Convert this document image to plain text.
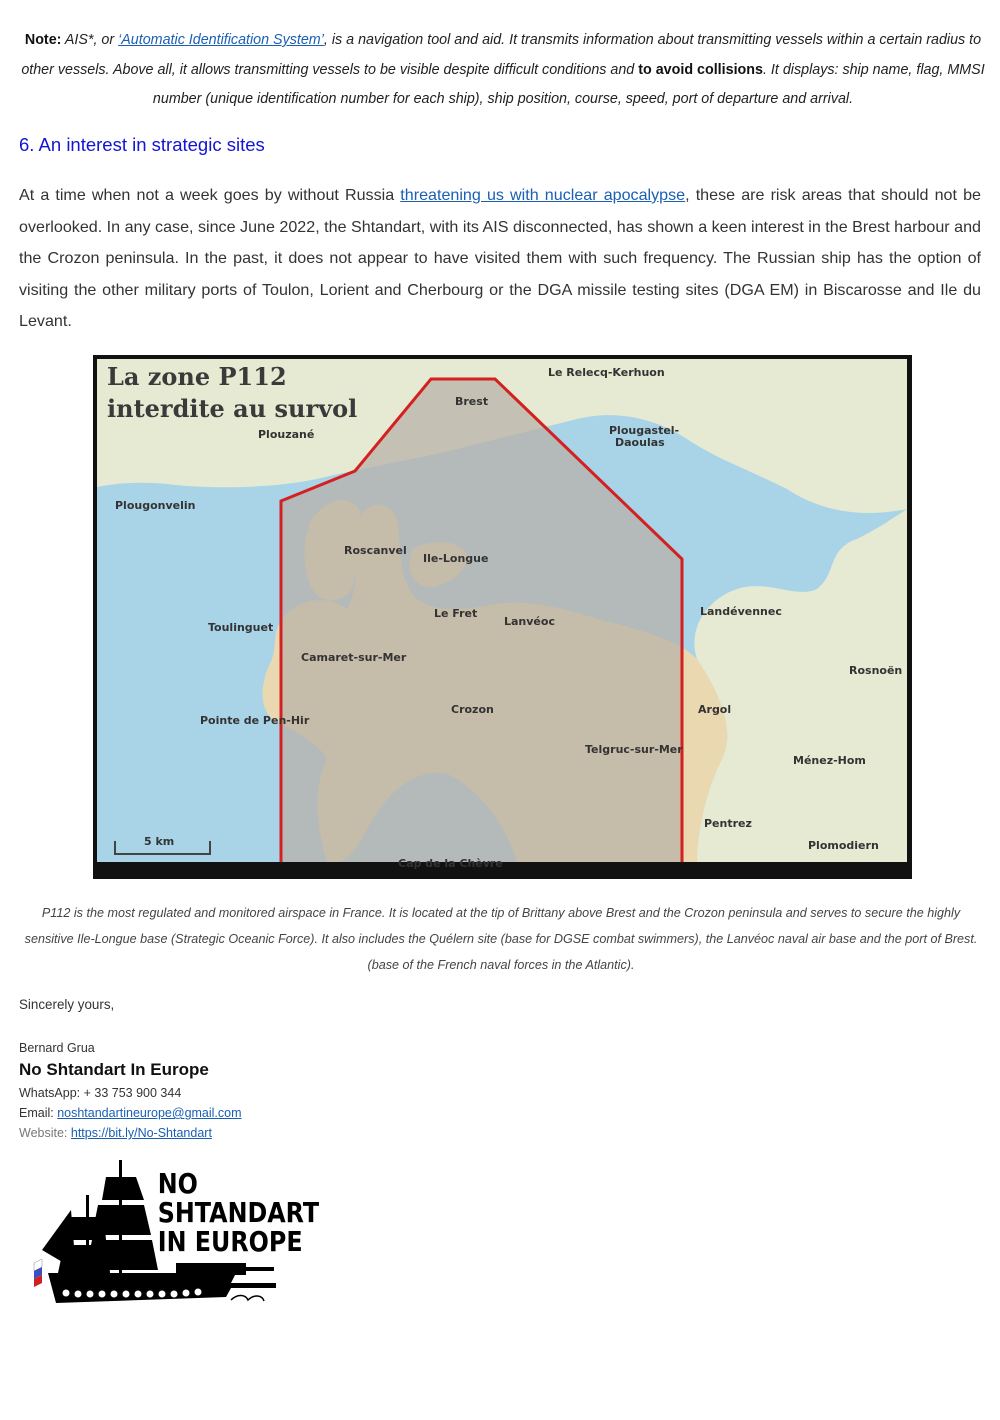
Note: AIS*, or ‘Automatic Identification System’, is a navigation tool and aid. It transmits information about transmitting vessels within a certain radius to other vessels. Above all, it allows transmitting vessels to be visible despite difficult conditions and to avoid collisions. It displays: ship name, flag, MMSI number (unique identification number for each ship), ship position, course, speed, port of departure and arrival.
6. An interest in strategic sites
At a time when not a week goes by without Russia threatening us with nuclear apocalypse, these are risk areas that should not be overlooked. In any case, since June 2022, the Shtandart, with its AIS disconnected, has shown a keen interest in the Brest harbour and the Crozon peninsula. In the past, it does not appear to have visited them with such frequency. The Russian ship has the option of visiting the other military ports of Toulon, Lorient and Cherbourg or the DGA missile testing sites (DGA EM) in Biscarosse and Ile du Levant.
La zone P112
interdite au survol
Le Relecq-Kerhuon
Brest
Plouzané	Plougastel-
Daoulas
Plougonvelin
Roscanvel
Ile-Longue
Le Fret
Lanvéoc
Landévennec
Toulinguet
Camaret-sur-Mer
Rosnoën
Crozon	Argol
Pointe de Pen-Hir
Telgruc-sur-Mer
Ménez-Hom
Pentrez
Plomodiern
Cap de la Chèvre
5 km
P112 is the most regulated and monitored airspace in France. It is located at the tip of Brittany above Brest and the Crozon peninsula and serves to secure the highly sensitive Ile-Longue base (Strategic Oceanic Force). It also includes the Quélern site (base for DGSE combat swimmers), the Lanvéoc naval air base and the port of Brest.(base of the French naval forces in the Atlantic).
Sincerely yours,
Bernard Grua
No Shtandart In Europe
WhatsApp: + 33 753 900 344
Email: noshtandartineurope@gmail.com
Website: https://bit.ly/No-Shtandart
NO
SHTANDART
IN EUROPE
